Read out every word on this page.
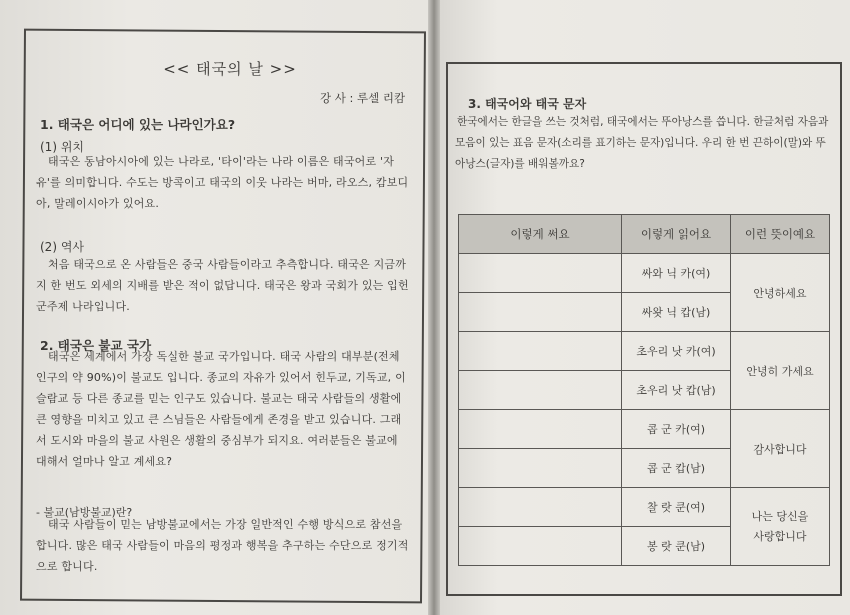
<< 태국의 날 >>
강 사 : 루셀 리캄
1. 태국은 어디에 있는 나라인가요?
(1) 위치
태국은 동남아시아에 있는 나라로, '타이'라는 나라 이름은 태국어로 '자유'를 의미합니다. 수도는 방콕이고 태국의 이웃 나라는 버마, 라오스, 캄보디아, 말레이시아가 있어요.
(2) 역사
처음 태국으로 온 사람들은 중국 사람들이라고 추측합니다. 태국은 지금까지 한 번도 외세의 지배를 받은 적이 없답니다. 태국은 왕과 국회가 있는 입헌군주제 나라입니다.
2. 태국은 불교 국가
태국은 세계에서 가장 독실한 불교 국가입니다. 태국 사람의 대부분(전체 인구의 약 90%)이 불교도 입니다. 종교의 자유가 있어서 힌두교, 기독교, 이슬람교 등 다른 종교를 믿는 인구도 있습니다. 불교는 태국 사람들의 생활에 큰 영향을 미치고 있고 큰 스님들은 사람들에게 존경을 받고 있습니다. 그래서 도시와 마을의 불교 사원은 생활의 중심부가 되지요. 여러분들은 불교에 대해서 얼마나 알고 계세요?
- 불교(남방불교)란?
태국 사람들이 믿는 남방불교에서는 가장 일반적인 수행 방식으로 참선을 합니다. 많은 태국 사람들이 마음의 평정과 행복을 추구하는 수단으로 정기적으로 합니다.
3. 태국어와 태국 문자
한국에서는 한글을 쓰는 것처럼, 태국에서는 뚜아낭스를 씁니다. 한글처럼 자음과 모음이 있는 표음 문자(소리를 표기하는 문자)입니다. 우리 한 번 끈하이(말)와 뚜아낭스(글자)를 배워볼까요?
이렇게 써요	이렇게 읽어요	이런 뜻이예요
	싸와 닉 카(여)	안녕하세요
	싸왓 닉 캅(남)	
	초우리 낫 카(여)	안녕히 가세요
	초우리 낫 캅(남)	
	콥 군 카(여)	감사합니다
	콥 군 캅(남)	
	찰 랏 쿤(여)	나는 당신을 사랑합니다
	봉 랏 쿤(남)	
